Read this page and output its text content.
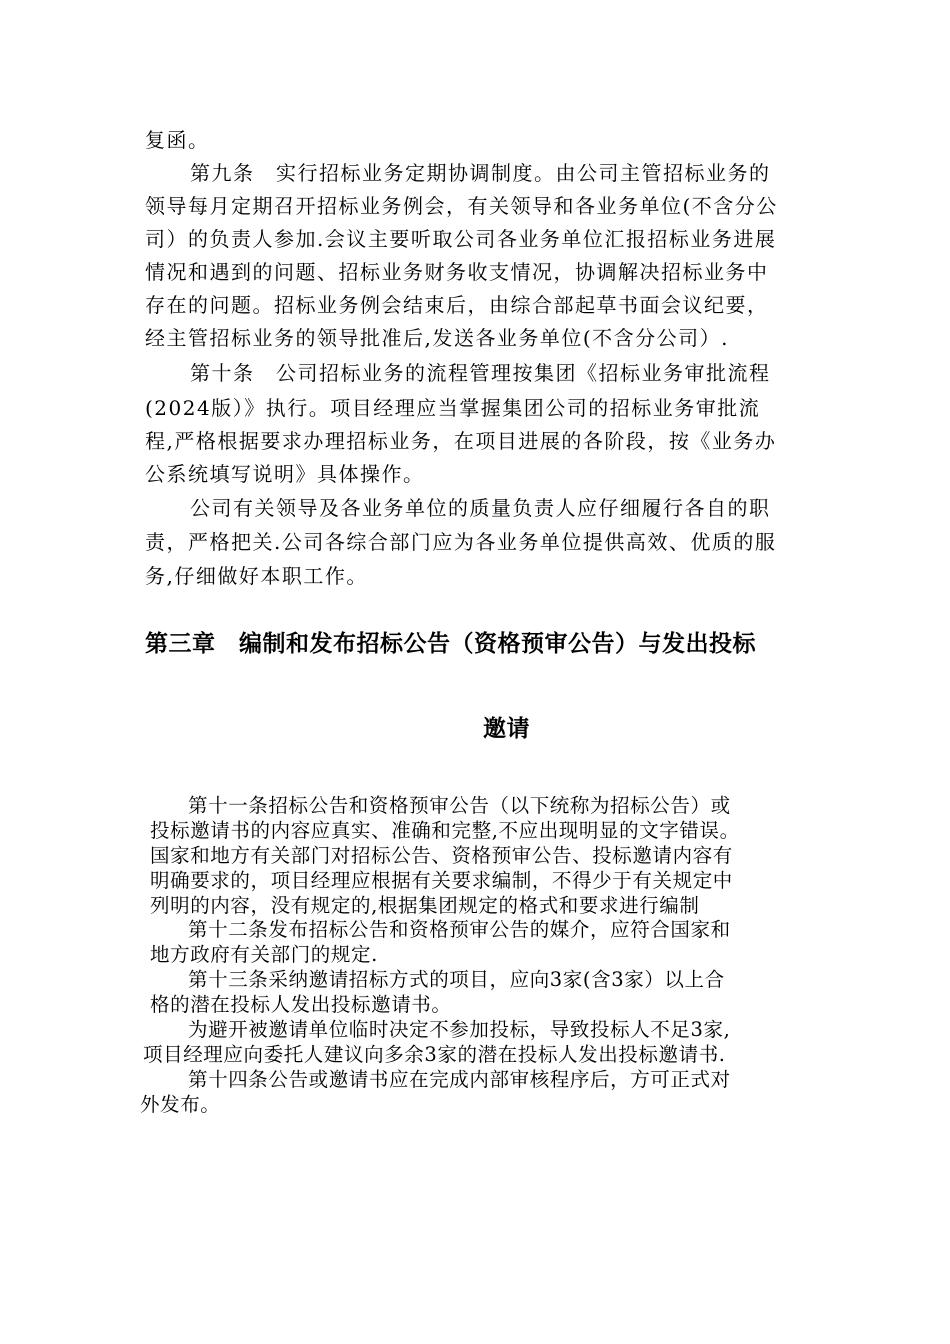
复函。
第九条　实行招标业务定期协调制度。由公司主管招标业务的
领导每月定期召开招标业务例会，有关领导和各业务单位(不含分公
司）的负责人参加.会议主要听取公司各业务单位汇报招标业务进展
情况和遇到的问题、招标业务财务收支情况，协调解决招标业务中
存在的问题。招标业务例会结束后，由综合部起草书面会议纪要，
经主管招标业务的领导批准后,发送各业务单位(不含分公司）.
第十条　公司招标业务的流程管理按集团《招标业务审批流程
(2024版）》执行。项目经理应当掌握集团公司的招标业务审批流
程,严格根据要求办理招标业务，在项目进展的各阶段，按《业务办
公系统填写说明》具体操作。
公司有关领导及各业务单位的质量负责人应仔细履行各自的职
责，严格把关.公司各综合部门应为各业务单位提供高效、优质的服
务,仔细做好本职工作。
第三章　编制和发布招标公告（资格预审公告）与发出投标
邀请
第十一条招标公告和资格预审公告（以下统称为招标公告）或
投标邀请书的内容应真实、准确和完整,不应出现明显的文字错误。
国家和地方有关部门对招标公告、资格预审公告、投标邀请内容有
明确要求的，项目经理应根据有关要求编制，不得少于有关规定中
列明的内容，没有规定的,根据集团规定的格式和要求进行编制
第十二条发布招标公告和资格预审公告的媒介，应符合国家和
地方政府有关部门的规定.
第十三条采纳邀请招标方式的项目，应向3家(含3家）以上合
格的潜在投标人发出投标邀请书。
为避开被邀请单位临时决定不参加投标，导致投标人不足3家,
项目经理应向委托人建议向多余3家的潜在投标人发出投标邀请书.
第十四条公告或邀请书应在完成内部审核程序后，方可正式对
外发布。
